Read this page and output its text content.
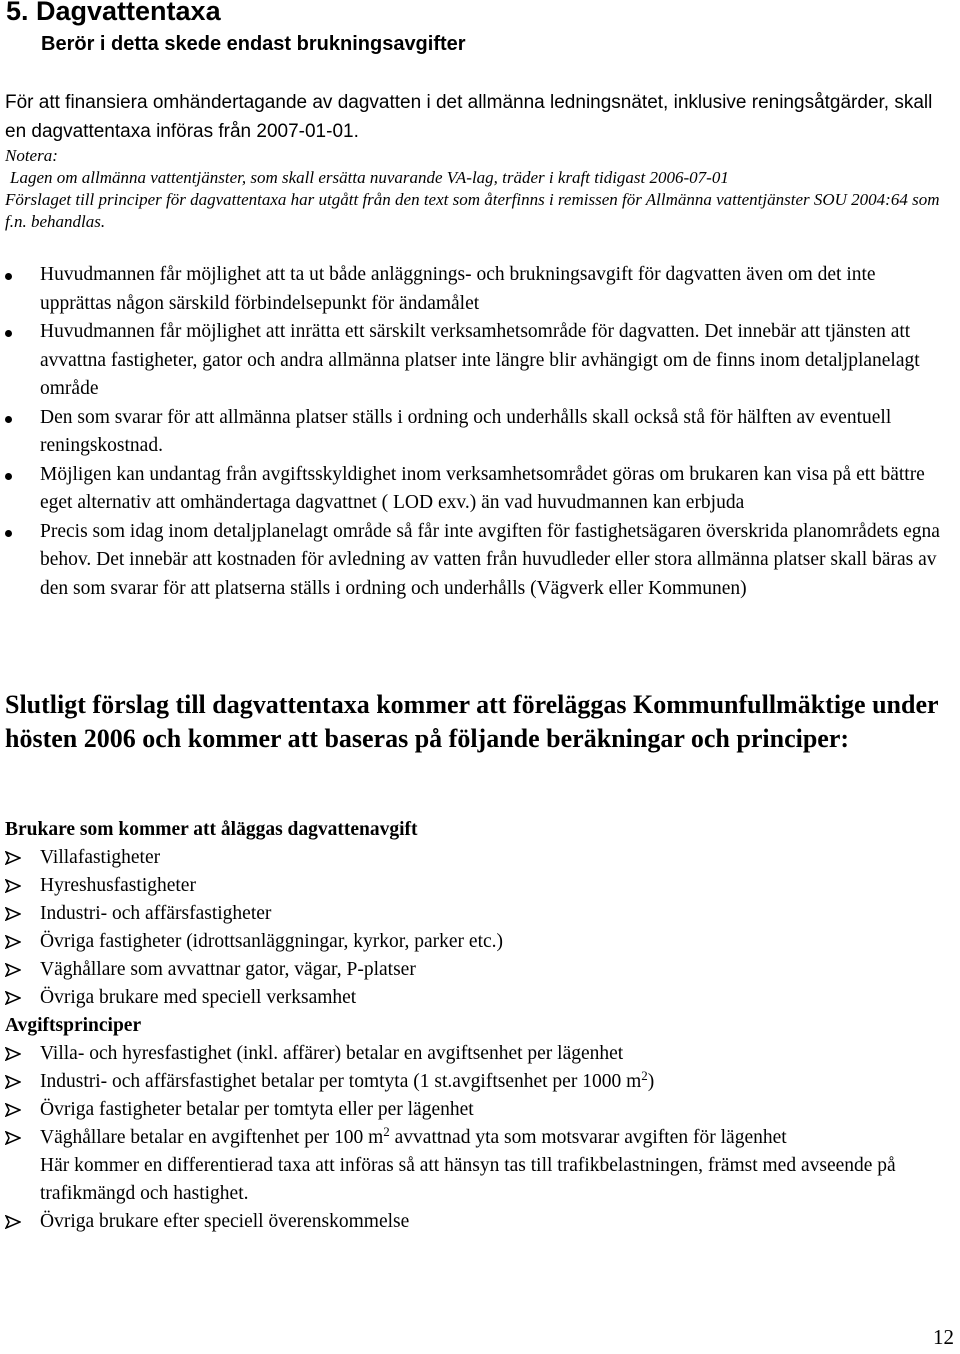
5. Dagvattentaxa
Berör i detta skede endast brukningsavgifter
För att finansiera omhändertagande av dagvatten i det allmänna ledningsnätet, inklusive reningsåtgärder, skall en dagvattentaxa införas från 2007-01-01.
Notera:
Lagen om allmänna vattentjänster, som skall ersätta nuvarande VA-lag, träder i kraft tidigast 2006-07-01
Förslaget till principer för dagvattentaxa har utgått från den text som återfinns i remissen för Allmänna vattentjänster SOU 2004:64 som f.n. behandlas.
Huvudmannen får möjlighet att ta ut både anläggnings- och brukningsavgift för dagvatten även om det inte upprättas någon särskild förbindelsepunkt för ändamålet
Huvudmannen får möjlighet att inrätta ett särskilt verksamhetsområde för dagvatten. Det innebär att tjänsten att avvattna fastigheter, gator och andra allmänna platser inte längre blir avhängigt om de finns inom detaljplanelagt område
Den som svarar för att allmänna platser ställs i ordning och underhålls skall också stå för hälften av eventuell reningskostnad.
Möjligen kan undantag från avgiftsskyldighet inom verksamhetsområdet göras om brukaren kan visa på ett bättre eget alternativ att omhändertaga dagvattnet ( LOD exv.) än vad huvudmannen kan erbjuda
Precis som idag inom detaljplanelagt område så får inte avgiften för fastighetsägaren överskrida planområdets egna behov. Det innebär att kostnaden för avledning av vatten från huvudleder eller stora allmänna platser skall bäras av den som svarar för att platserna ställs i ordning och underhålls (Vägverk eller Kommunen)
Slutligt förslag till dagvattentaxa kommer att föreläggas Kommunfullmäktige under hösten 2006 och kommer att baseras på följande beräkningar och principer:
Brukare som kommer att åläggas dagvattenavgift
Villafastigheter
Hyreshusfastigheter
Industri- och affärsfastigheter
Övriga fastigheter (idrottsanläggningar, kyrkor, parker etc.)
Väghållare som avvattnar gator, vägar, P-platser
Övriga brukare med speciell verksamhet
Avgiftsprinciper
Villa- och hyresfastighet (inkl. affärer) betalar en avgiftsenhet per lägenhet
Industri- och affärsfastighet betalar per tomtyta (1 st.avgiftsenhet per 1000 $m^2$)
Övriga fastigheter betalar per tomtyta eller per lägenhet
Väghållare betalar en avgiftenhet per 100 $m^2$ avvattnad yta som motsvarar avgiften för lägenhet
Här kommer en differentierad taxa att införas så att hänsyn tas till trafikbelastningen, främst med avseende på trafikmängd och hastighet.
Övriga brukare efter speciell överenskommelse
12
